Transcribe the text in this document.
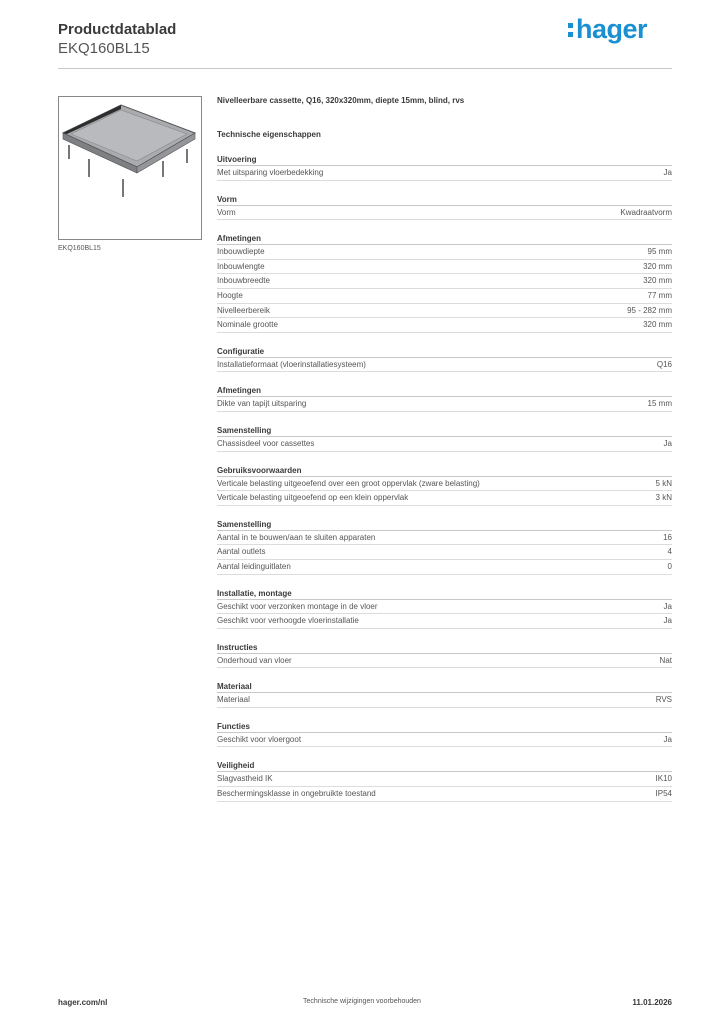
Productdatablad
EKQ160BL15
hager
EKQ160BL15
Nivelleerbare cassette, Q16, 320x320mm, diepte 15mm, blind, rvs
Technische eigenschappen
Uitvoering
Met uitsparing vloerbedekking	Ja
Vorm
Vorm	Kwadraatvorm
Afmetingen
Inbouwdiepte	95 mm
Inbouwlengte	320 mm
Inbouwbreedte	320 mm
Hoogte	77 mm
Nivelleerbereik	95 - 282 mm
Nominale grootte	320 mm
Configuratie
Installatieformaat (vloerinstallatiesysteem)	Q16
Afmetingen
Dikte van tapijt uitsparing	15 mm
Samenstelling
Chassisdeel voor cassettes	Ja
Gebruiksvoorwaarden
Verticale belasting uitgeoefend over een groot oppervlak (zware belasting)	5 kN
Verticale belasting uitgeoefend op een klein oppervlak	3 kN
Samenstelling
Aantal in te bouwen/aan te sluiten apparaten	16
Aantal outlets	4
Aantal leidinguitlaten	0
Installatie, montage
Geschikt voor verzonken montage in de vloer	Ja
Geschikt voor verhoogde vloerinstallatie	Ja
Instructies
Onderhoud van vloer	Nat
Materiaal
Materiaal	RVS
Functies
Geschikt voor vloergoot	Ja
Veiligheid
Slagvastheid IK	IK10
Beschermingsklasse in ongebruikte toestand	IP54
hager.com/nl	Technische wijzigingen voorbehouden	11.01.2026
